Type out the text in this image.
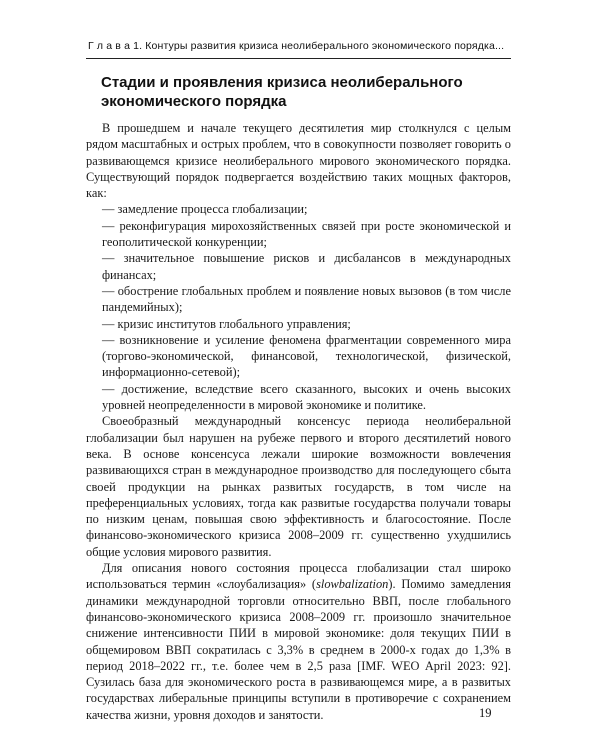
Г л а в а 1. Контуры развития кризиса неолиберального экономического порядка...
Стадии и проявления кризиса неолиберального
экономического порядка

В прошедшем и начале текущего десятилетия мир столкнулся с целым рядом масштабных и острых проблем, что в совокупности позволяет говорить о развивающемся кризисе неолиберального мирового экономического порядка. Существующий порядок подвергается воздействию таких мощных факторов, как:

— замедление процесса глобализации;

— реконфигурация мирохозяйственных связей при росте экономической и геополитической конкуренции;

— значительное повышение рисков и дисбалансов в международных финансах;

— обострение глобальных проблем и появление новых вызовов (в том числе пандемийных);

— кризис институтов глобального управления;

— возникновение и усиление феномена фрагментации современного мира (торгово-экономической, финансовой, технологической, физической, информационно-сетевой);

— достижение, вследствие всего сказанного, высоких и очень высоких уровней неопределенности в мировой экономике и политике.

Своеобразный международный консенсус периода неолиберальной глобализации был нарушен на рубеже первого и второго десятилетий нового века. В основе консенсуса лежали широкие возможности вовлечения развивающихся стран в международное производство для последующего сбыта своей продукции на рынках развитых государств, в том числе на преференциальных условиях, тогда как развитые государства получали товары по низким ценам, повышая свою эффективность и благосостояние. После финансово-экономического кризиса 2008–2009 гг. существенно ухудшились общие условия мирового развития.

Для описания нового состояния процесса глобализации стал широко использоваться термин «слоубализация» (slowbalization). Помимо замедления динамики международной торговли относительно ВВП, после глобального финансово-экономического кризиса 2008–2009 гг. произошло значительное снижение интенсивности ПИИ в мировой экономике: доля текущих ПИИ в общемировом ВВП сократилась с 3,3% в среднем в 2000-х годах до 1,3% в период 2018–2022 гг., т.е. более чем в 2,5 раза [IMF. WEO April 2023: 92]. Сузилась база для экономического роста в развивающемся мире, а в развитых государствах либеральные принципы вступили в противоречие с сохранением качества жизни, уровня доходов и занятости.	19
